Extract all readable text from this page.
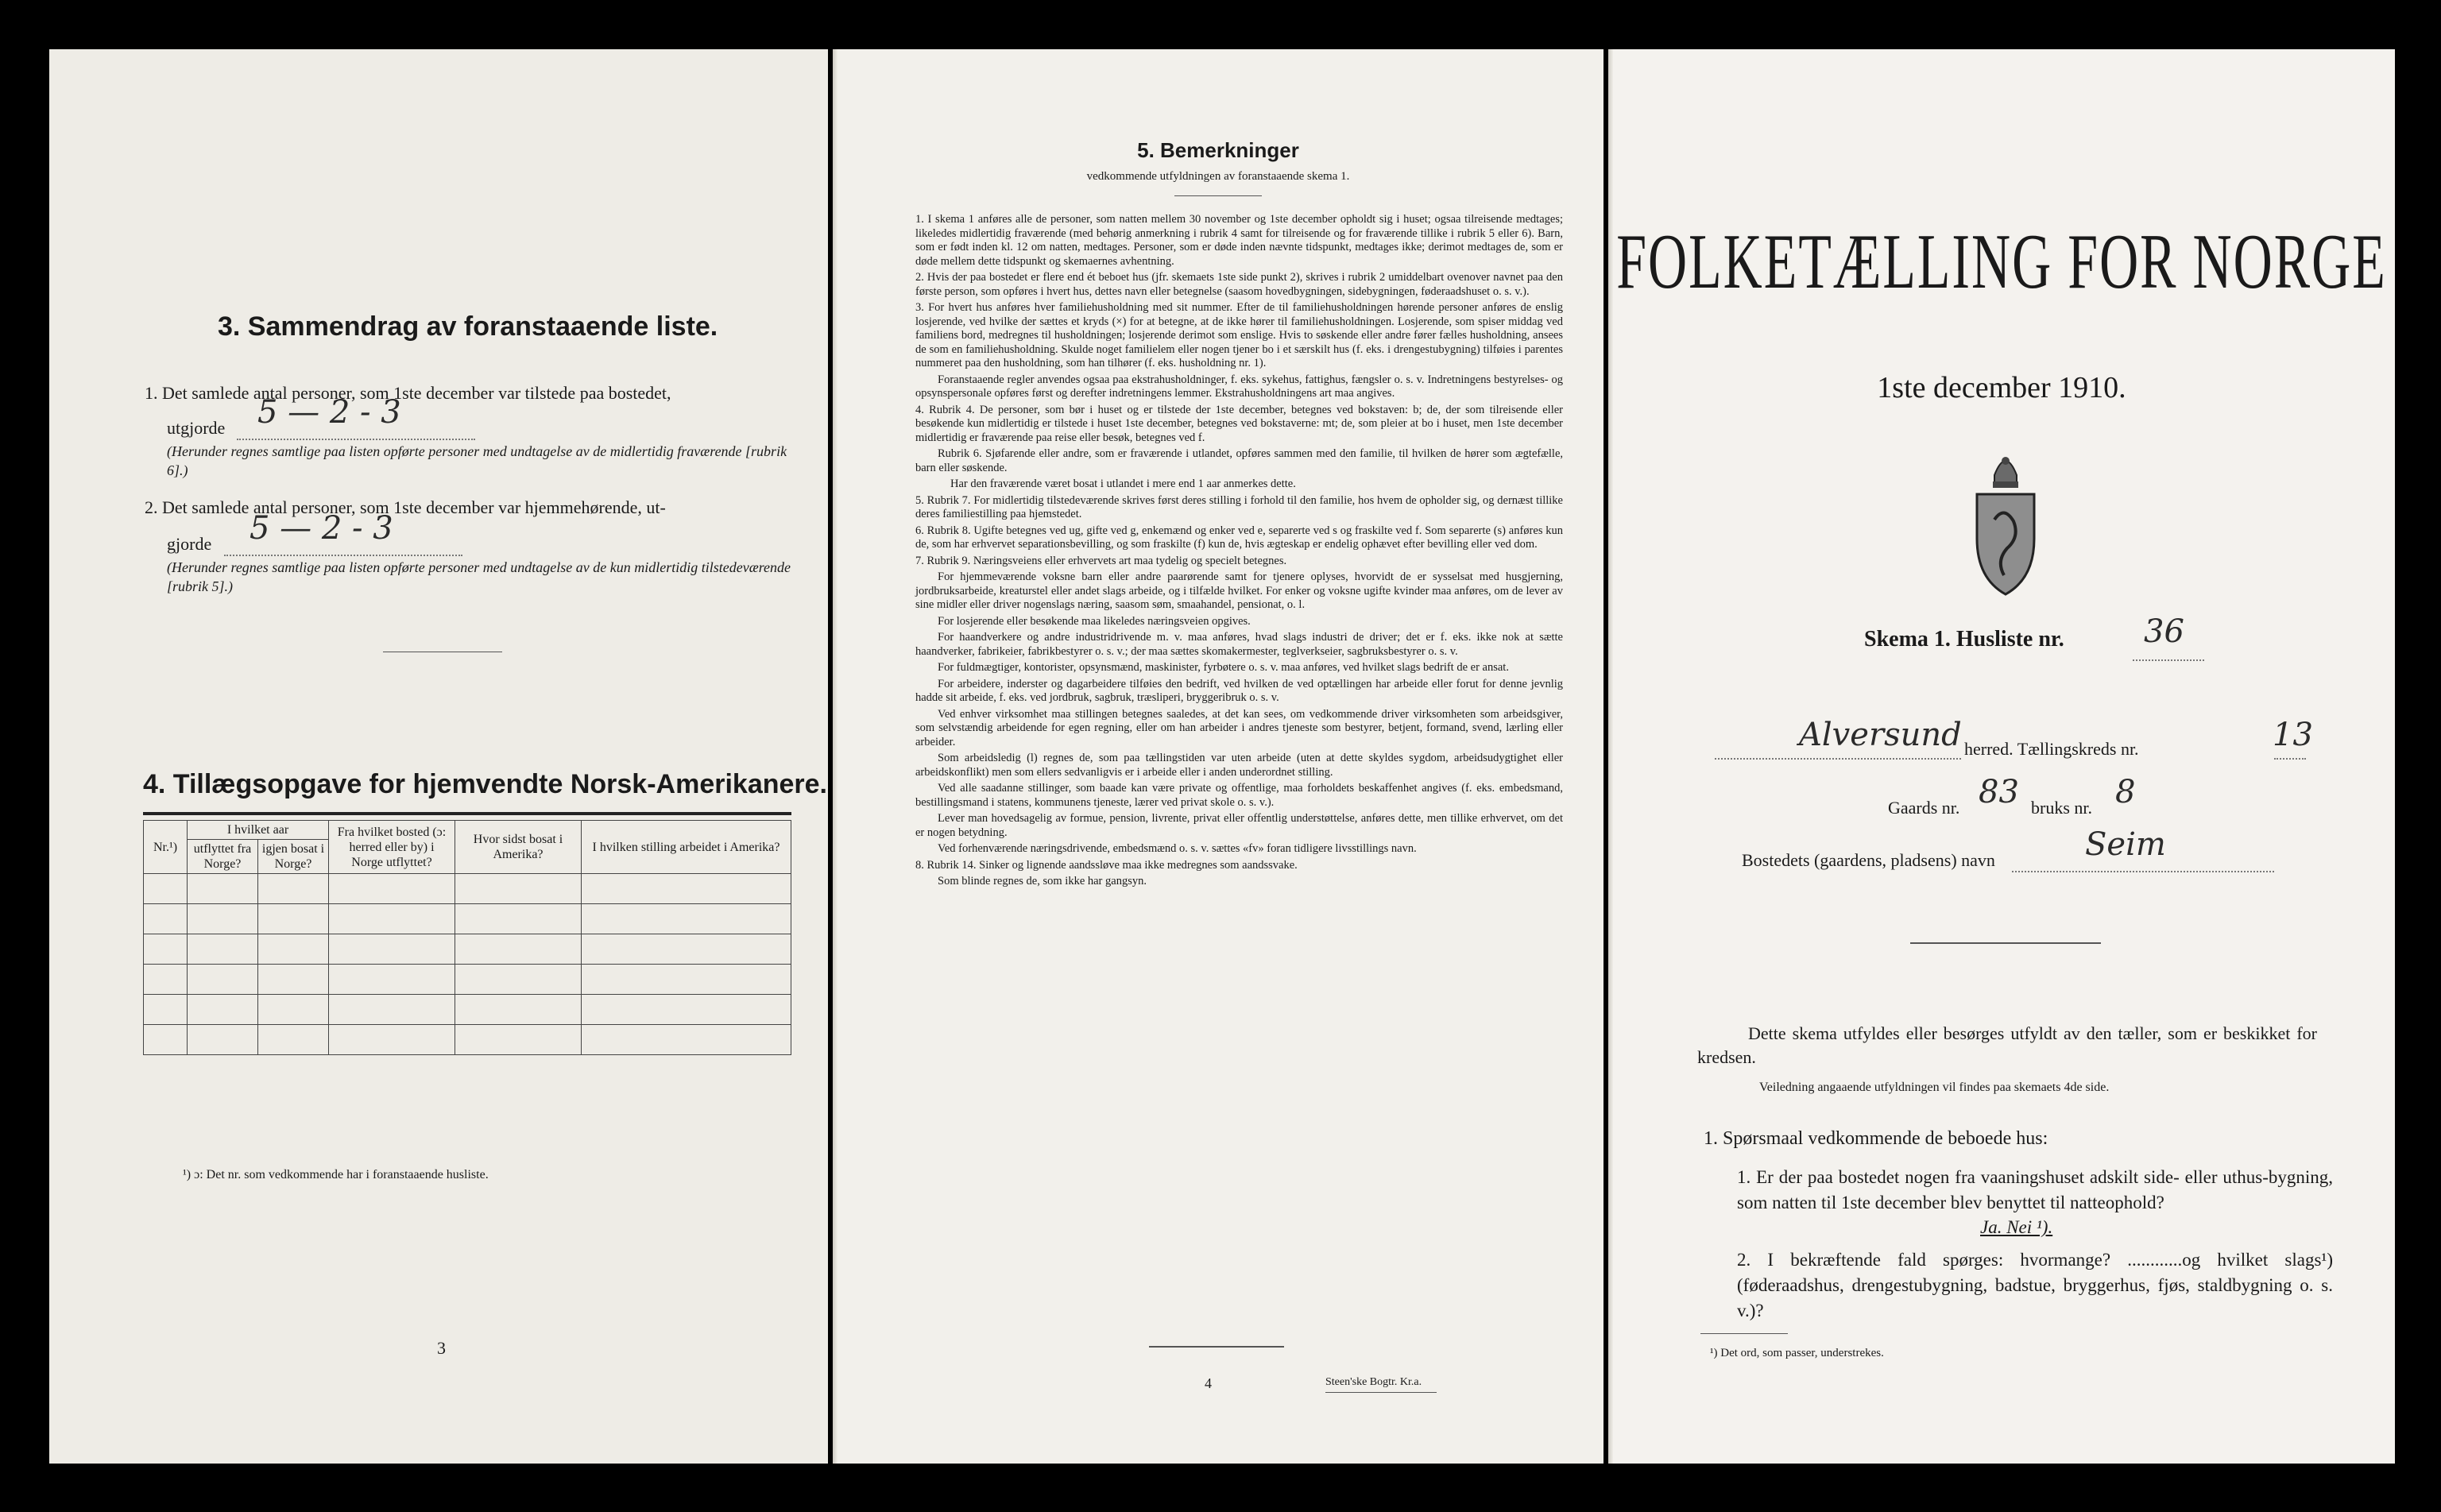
3. Sammendrag av foranstaaende liste.
1. Det samlede antal personer, som 1ste december var tilstede paa bostedet,
utgjorde 5 — 2 - 3
(Herunder regnes samtlige paa listen opførte personer med undtagelse av de midlertidig fraværende [rubrik 6].)
2. Det samlede antal personer, som 1ste december var hjemmehørende, ut-
gjorde 5 — 2 - 3
(Herunder regnes samtlige paa listen opførte personer med undtagelse av de kun midlertidig tilstedeværende [rubrik 5].)
4. Tillægsopgave for hjemvendte Norsk-Amerikanere.
Nr.¹)	I hvilket aar		Fra hvilket bosted (ɔ: herred eller by) i Norge utflyttet?	Hvor sidst bosat i Amerika?	I hvilken stilling arbeidet i Amerika?
	utflyttet fra Norge?	igjen bosat i Norge?			

¹) ɔ: Det nr. som vedkommende har i foranstaaende husliste.
3
5. Bemerkninger
vedkommende utfyldningen av foranstaaende skema 1.

1. I skema 1 anføres alle de personer, som natten mellem 30 november og 1ste december opholdt sig i huset; ogsaa tilreisende medtages; likeledes midlertidig fraværende (med behørig anmerkning i rubrik 4 samt for tilreisende og for fraværende tillike i rubrik 5 eller 6). Barn, som er født inden kl. 12 om natten, medtages. Personer, som er døde inden nævnte tidspunkt, medtages ikke; derimot medtages de, som er døde mellem dette tidspunkt og skemaernes avhentning.

2. Hvis der paa bostedet er flere end ét beboet hus (jfr. skemaets 1ste side punkt 2), skrives i rubrik 2 umiddelbart ovenover navnet paa den første person, som opføres i hvert hus, dettes navn eller betegnelse (saasom hovedbygningen, sidebygningen, føderaadshuset o. s. v.).

3. For hvert hus anføres hver familiehusholdning med sit nummer. Efter de til familiehusholdningen hørende personer anføres de enslig losjerende, ved hvilke der sættes et kryds (×) for at betegne, at de ikke hører til familiehusholdningen. Losjerende, som spiser middag ved familiens bord, medregnes til husholdningen; losjerende derimot som enslige. Hvis to søskende eller andre fører fælles husholdning, ansees de som en familiehusholdning. Skulde noget familielem eller nogen tjener bo i et særskilt hus (f. eks. i drengestubygning) tilføies i parentes nummeret paa den husholdning, som han tilhører (f. eks. husholdning nr. 1).

Foranstaaende regler anvendes ogsaa paa ekstrahusholdninger, f. eks. sykehus, fattighus, fængsler o. s. v. Indretningens bestyrelses- og opsynspersonale opføres først og derefter indretningens lemmer. Ekstrahusholdningens art maa angives.

4. Rubrik 4. De personer, som bør i huset og er tilstede der 1ste december, betegnes ved bokstaven: b; de, der som tilreisende eller besøkende kun midlertidig er tilstede i huset 1ste december, betegnes ved bokstaverne: mt; de, som pleier at bo i huset, men 1ste december midlertidig er fraværende paa reise eller besøk, betegnes ved f.

Rubrik 6. Sjøfarende eller andre, som er fraværende i utlandet, opføres sammen med den familie, til hvilken de hører som ægtefælle, barn eller søskende.

Har den fraværende været bosat i utlandet i mere end 1 aar anmerkes dette.

5. Rubrik 7. For midlertidig tilstedeværende skrives først deres stilling i forhold til den familie, hos hvem de opholder sig, og dernæst tillike deres familiestilling paa hjemstedet.

6. Rubrik 8. Ugifte betegnes ved ug, gifte ved g, enkemænd og enker ved e, separerte ved s og fraskilte ved f. Som separerte (s) anføres kun de, som har erhvervet separationsbevilling, og som fraskilte (f) kun de, hvis ægteskap er endelig ophævet efter bevilling eller ved dom.

7. Rubrik 9. Næringsveiens eller erhvervets art maa tydelig og specielt betegnes.

For hjemmeværende voksne barn eller andre paarørende samt for tjenere oplyses, hvorvidt de er sysselsat med husgjerning, jordbruksarbeide, kreaturstel eller andet slags arbeide, og i tilfælde hvilket. For enker og voksne ugifte kvinder maa anføres, om de lever av sine midler eller driver nogenslags næring, saasom søm, smaahandel, pensionat, o. l.

For losjerende eller besøkende maa likeledes næringsveien opgives.

For haandverkere og andre industridrivende m. v. maa anføres, hvad slags industri de driver; det er f. eks. ikke nok at sætte haandverker, fabrikeier, fabrikbestyrer o. s. v.; der maa sættes skomakermester, teglverkseier, sagbruksbestyrer o. s. v.

For fuldmægtiger, kontorister, opsynsmænd, maskinister, fyrbøtere o. s. v. maa anføres, ved hvilket slags bedrift de er ansat.

For arbeidere, inderster og dagarbeidere tilføies den bedrift, ved hvilken de ved optællingen har arbeide eller forut for denne jevnlig hadde sit arbeide, f. eks. ved jordbruk, sagbruk, træsliperi, bryggeribruk o. s. v.

Ved enhver virksomhet maa stillingen betegnes saaledes, at det kan sees, om vedkommende driver virksomheten som arbeidsgiver, som selvstændig arbeidende for egen regning, eller om han arbeider i andres tjeneste som bestyrer, betjent, formand, svend, lærling eller arbeider.

Som arbeidsledig (l) regnes de, som paa tællingstiden var uten arbeide (uten at dette skyldes sygdom, arbeidsudygtighet eller arbeidskonflikt) men som ellers sedvanligvis er i arbeide eller i anden underordnet stilling.

Ved alle saadanne stillinger, som baade kan være private og offentlige, maa forholdets beskaffenhet angives (f. eks. embedsmand, bestillingsmand i statens, kommunens tjeneste, lærer ved privat skole o. s. v.).

Lever man hovedsagelig av formue, pension, livrente, privat eller offentlig understøttelse, anføres dette, men tillike erhvervet, om det er nogen betydning.

Ved forhenværende næringsdrivende, embedsmænd o. s. v. sættes «fv» foran tidligere livsstillings navn.

8. Rubrik 14. Sinker og lignende aandssløve maa ikke medregnes som aandssvake.

Som blinde regnes de, som ikke har gangsyn.

4	Steen'ske Bogtr. Kr.a.
FOLKETÆLLING FOR NORGE
1ste december 1910.
Skema 1. Husliste nr.	36
Alversund herred. Tællingskreds nr.	13
Gaards nr. 83 bruks nr. 8
Bostedets (gaardens, pladsens) navn	Seim
Dette skema utfyldes eller besørges utfyldt av den tæller, som er beskikket for kredsen.
Veiledning angaaende utfyldningen vil findes paa skemaets 4de side.
1. Spørsmaal vedkommende de beboede hus:
1. Er der paa bostedet nogen fra vaaningshuset adskilt side- eller uthus-bygning, som natten til 1ste december blev benyttet til natteophold?
Ja. Nei ¹).
2. I bekræftende fald spørges: hvormange? ............og hvilket slags¹) (føderaadshus, drengestubygning, badstue, bryggerhus, fjøs, staldbygning o. s. v.)?
¹) Det ord, som passer, understrekes.
